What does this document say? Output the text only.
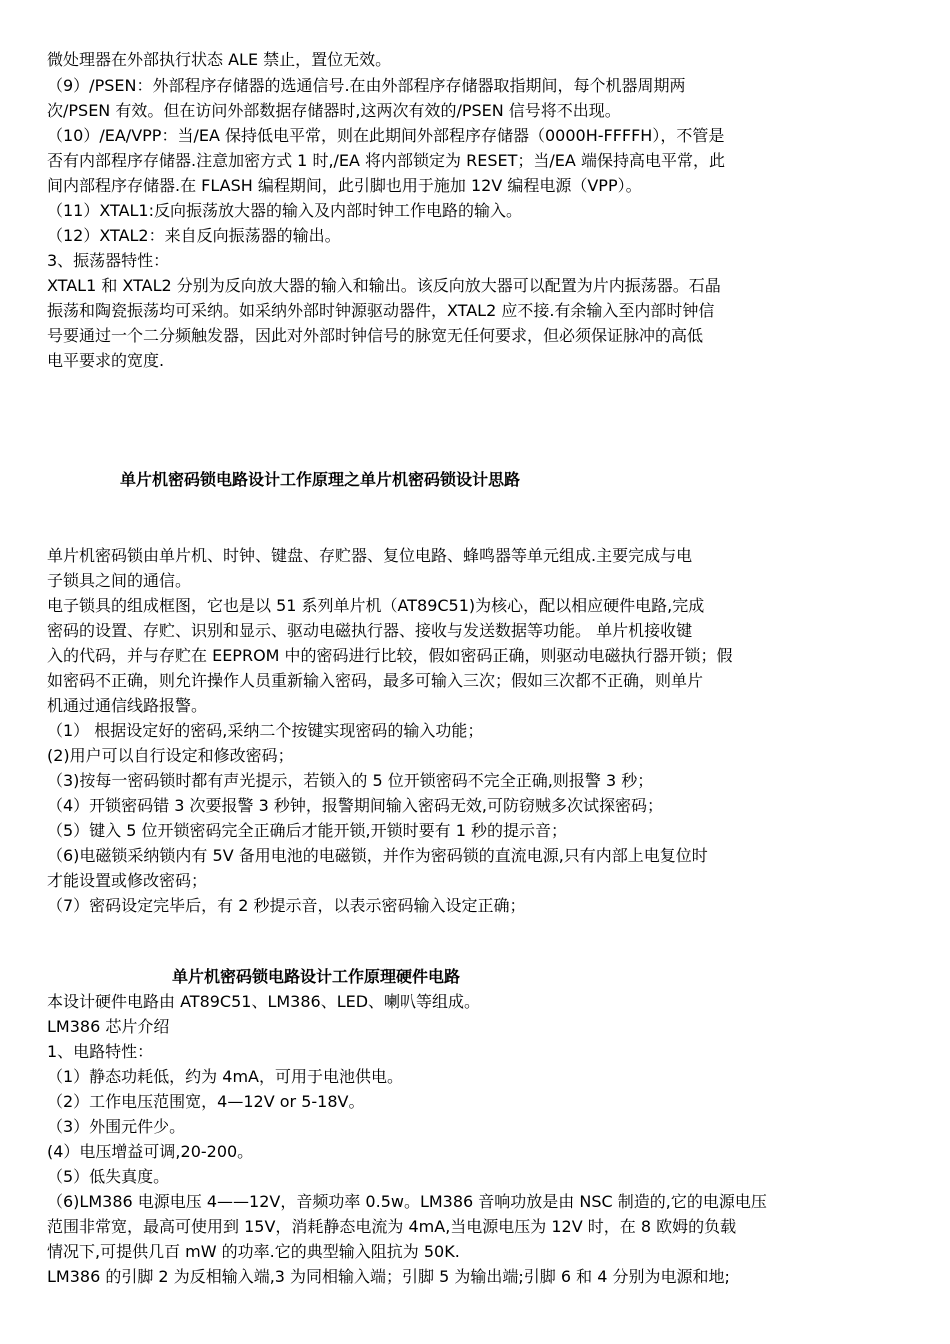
微处理器在外部执行状态 ALE 禁止，置位无效。
（9）/PSEN：外部程序存储器的选通信号.在由外部程序存储器取指期间，每个机器周期两
次/PSEN 有效。但在访问外部数据存储器时,这两次有效的/PSEN 信号将不出现。
（10）/EA/VPP：当/EA 保持低电平常，则在此期间外部程序存储器（0000H-FFFFH），不管是
否有内部程序存储器.注意加密方式 1 时,/EA 将内部锁定为 RESET；当/EA 端保持高电平常，此
间内部程序存储器.在 FLASH 编程期间，此引脚也用于施加 12V 编程电源（VPP）。
（11）XTAL1:反向振荡放大器的输入及内部时钟工作电路的输入。
（12）XTAL2：来自反向振荡器的输出。
3、振荡器特性：
XTAL1 和 XTAL2 分别为反向放大器的输入和输出。该反向放大器可以配置为片内振荡器。石晶
振荡和陶瓷振荡均可采纳。如采纳外部时钟源驱动器件，XTAL2 应不接.有余输入至内部时钟信
号要通过一个二分频触发器，因此对外部时钟信号的脉宽无任何要求，但必须保证脉冲的高低
电平要求的宽度.
单片机密码锁电路设计工作原理之单片机密码锁设计思路
单片机密码锁由单片机、时钟、键盘、存贮器、复位电路、蜂鸣器等单元组成.主要完成与电
子锁具之间的通信。
电子锁具的组成框图，它也是以 51 系列单片机（AT89C51)为核心，配以相应硬件电路,完成
密码的设置、存贮、识别和显示、驱动电磁执行器、接收与发送数据等功能。 单片机接收键
入的代码，并与存贮在 EEPROM 中的密码进行比较，假如密码正确，则驱动电磁执行器开锁；假
如密码不正确，则允许操作人员重新输入密码，最多可输入三次；假如三次都不正确，则单片
机通过通信线路报警。
（1） 根据设定好的密码,采纳二个按键实现密码的输入功能；
(2)用户可以自行设定和修改密码；
（3)按每一密码锁时都有声光提示，若锁入的 5 位开锁密码不完全正确,则报警 3 秒；
（4）开锁密码错 3 次要报警 3 秒钟，报警期间输入密码无效,可防窃贼多次试探密码；
（5）键入 5 位开锁密码完全正确后才能开锁,开锁时要有 1 秒的提示音；
（6)电磁锁采纳锁内有 5V 备用电池的电磁锁，并作为密码锁的直流电源,只有内部上电复位时
才能设置或修改密码；
（7）密码设定完毕后，有 2 秒提示音，以表示密码输入设定正确；
单片机密码锁电路设计工作原理硬件电路
本设计硬件电路由 AT89C51、LM386、LED、喇叭等组成。
LM386 芯片介绍
1、电路特性：
（1）静态功耗低，约为 4mA，可用于电池供电。
（2）工作电压范围宽，4—12V or 5-18V。
（3）外围元件少。
(4）电压增益可调,20-200。
（5）低失真度。
（6)LM386 电源电压 4——12V，音频功率 0.5w。LM386 音响功放是由 NSC 制造的,它的电源电压
范围非常宽，最高可使用到 15V，消耗静态电流为 4mA,当电源电压为 12V 时，在 8 欧姆的负载
情况下,可提供几百 mW 的功率.它的典型输入阻抗为 50K.
LM386 的引脚 2 为反相输入端,3 为同相输入端；引脚 5 为输出端;引脚 6 和 4 分别为电源和地;
